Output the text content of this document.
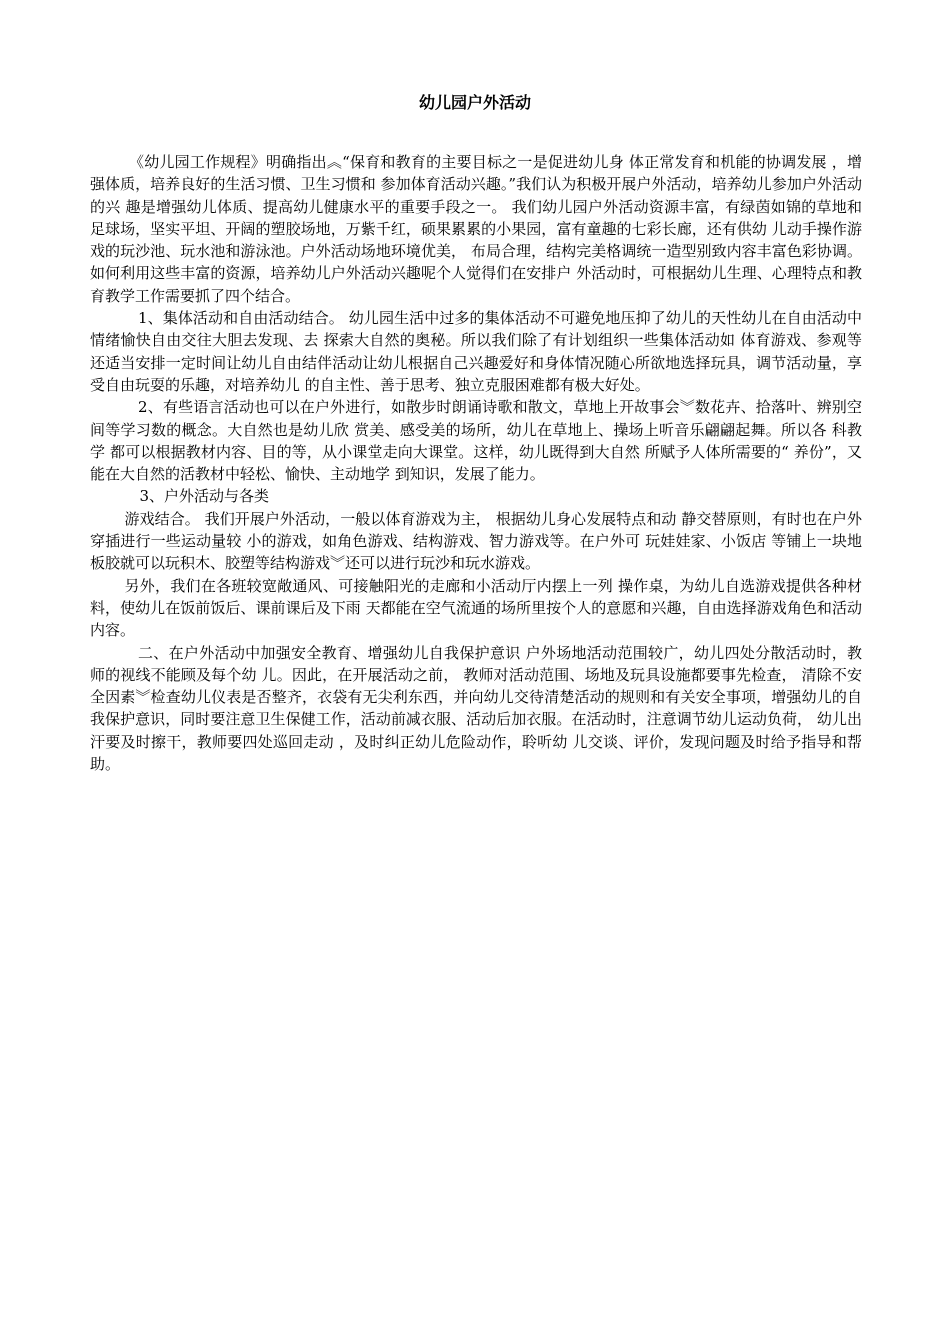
幼儿园户外活动

《幼儿园工作规程》明确指出︽“保育和教育的主要目标之一是促进幼儿身 体正常发育和机能的协调发展 ，增强体质，培养良好的生活习惯、卫生习惯和 参加体育活动兴趣。”我们认为积极开展户外活动，培养幼儿参加户外活动的兴 趣是增强幼儿体质、提高幼儿健康水平的重要手段之一。 我们幼儿园户外活动资源丰富，有绿茵如锦的草地和足球场，坚实平坦、开阔的塑胶场地，万紫千红，硕果累累的小果园，富有童趣的七彩长廊，还有供幼 儿动手操作游戏的玩沙池、玩水池和游泳池。户外活动场地环境优美， 布局合理，结构完美格调统一造型别致内容丰富色彩协调。 如何利用这些丰富的资源，培养幼儿户外活动兴趣呢个人觉得们在安排户 外活动时，可根据幼儿生理、心理特点和教育教学工作需要抓了四个结合。

1、集体活动和自由活动结合。 幼儿园生活中过多的集体活动不可避免地压抑了幼儿的天性幼儿在自由活动中情绪愉快自由交往大胆去发现、去 探索大自然的奥秘。所以我们除了有计划组织一些集体活动如 体育游戏、参观等还适当安排一定时间让幼儿自由结伴活动让幼儿根据自己兴趣爱好和身体情况随心所欲地选择玩具，调节活动量，享受自由玩耍的乐趣，对培养幼儿 的自主性、善于思考、独立克服困难都有极大好处。

2、有些语言活动也可以在户外进行，如散步时朗诵诗歌和散文，草地上开故事会︾数花卉、拾落叶、辨别空 间等学习数的概念。大自然也是幼儿欣 赏美、感受美的场所，幼儿在草地上、操场上听音乐翩翩起舞。所以各 科教学 都可以根据教材内容、目的等，从小课堂走向大课堂。这样，幼儿既得到大自然 所赋予人体所需要的“ 养份”，又能在大自然的活教材中轻松、愉快、主动地学 到知识，发展了能力。

3、户外活动与各类

游戏结合。 我们开展户外活动，一般以体育游戏为主， 根据幼儿身心发展特点和动 静交替原则，有时也在户外穿插进行一些运动量较 小的游戏，如角色游戏、结构游戏、智力游戏等。在户外可 玩娃娃家、小饭店 等铺上一块地板胶就可以玩积木、胶塑等结构游戏︾还可以进行玩沙和玩水游戏。

另外，我们在各班较宽敞通风、可接触阳光的走廊和小活动厅内摆上一列 操作桌，为幼儿自选游戏提供各种材料，使幼儿在饭前饭后、课前课后及下雨 天都能在空气流通的场所里按个人的意愿和兴趣，自由选择游戏角色和活动内容。

二、在户外活动中加强安全教育、增强幼儿自我保护意识 户外场地活动范围较广，幼儿四处分散活动时，教师的视线不能顾及每个幼 儿。因此，在开展活动之前， 教师对活动范围、场地及玩具设施都要事先检查， 清除不安全因素︾检查幼儿仪表是否整齐，衣袋有无尖利东西，并向幼儿交待清楚活动的规则和有关安全事项，增强幼儿的自我保护意识，同时要注意卫生保健工作，活动前减衣服、活动后加衣服。在活动时，注意调节幼儿运动负荷， 幼儿出汗要及时擦干，教师要四处巡回走动 ，及时纠正幼儿危险动作，聆听幼 儿交谈、评价，发现问题及时给予指导和帮助。
